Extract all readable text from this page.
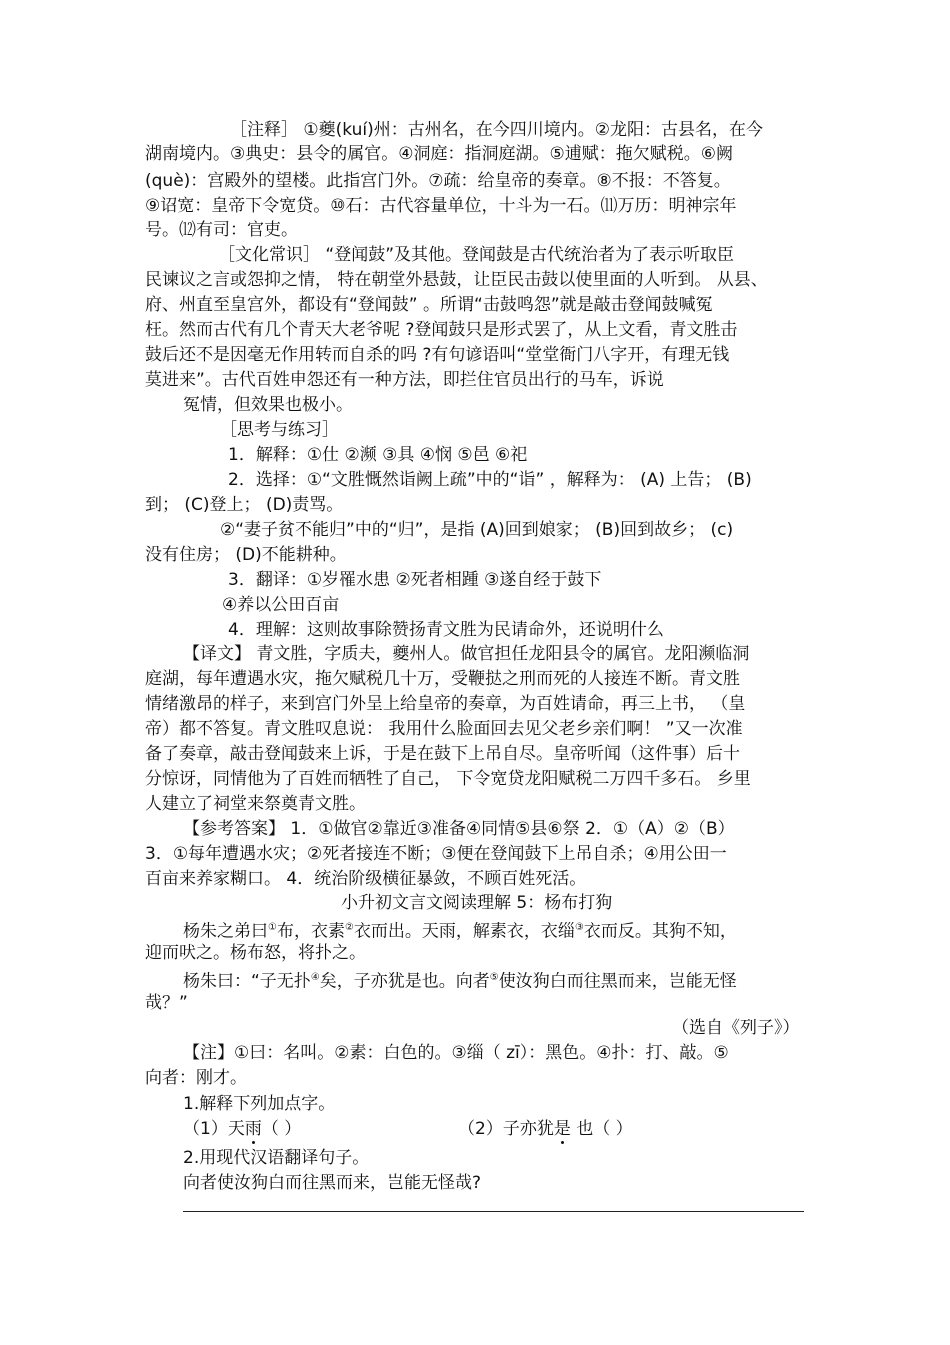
［注释］ ①夔(kuí)州：古州名，在今四川境内。②龙阳：古县名，在今

湖南境内。③典史：县令的属官。④洞庭：指洞庭湖。⑤逋赋：拖欠赋税。⑥阙

(què)：宫殿外的望楼。此指宫门外。⑦疏：给皇帝的奏章。⑧不报：不答复。

⑨诏宽：皇帝下令宽贷。⑩石：古代容量单位，十斗为一石。⑾万历：明神宗年

号。⑿有司：官吏。

［文化常识］ “登闻鼓”及其他。登闻鼓是古代统治者为了表示听取臣

民谏议之言或怨抑之情， 特在朝堂外悬鼓，让臣民击鼓以使里面的人听到。 从县、

府、州直至皇宫外，都设有“登闻鼓” 。所谓“击鼓鸣怨”就是敲击登闻鼓喊冤

枉。然而古代有几个青天大老爷呢 ?登闻鼓只是形式罢了，从上文看，青文胜击

鼓后还不是因毫无作用转而自杀的吗 ?有句谚语叫“堂堂衙门八字开，有理无钱

莫进来”。古代百姓申怨还有一种方法，即拦住官员出行的马车，诉说

冤情，但效果也极小。

［思考与练习］

1．解释：①仕 ②濒 ③具 ④悯 ⑤邑 ⑥祀

2．选择：①“文胜慨然诣阙上疏”中的“诣” ，解释为： (A) 上告； (B)

到； (C)登上； (D)责骂。

②“妻子贫不能归”中的“归”，是指 (A)回到娘家； (B)回到故乡； (c)

没有住房； (D)不能耕种。

3．翻译：①岁罹水患 ②死者相踵 ③遂自经于鼓下

④养以公田百亩

4．理解：这则故事除赞扬青文胜为民请命外，还说明什么

【译文】 青文胜，字质夫，夔州人。做官担任龙阳县令的属官。龙阳濒临洞

庭湖，每年遭遇水灾，拖欠赋税几十万，受鞭挞之刑而死的人接连不断。青文胜

情绪激昂的样子，来到宫门外呈上给皇帝的奏章，为百姓请命，再三上书， （皇

帝）都不答复。青文胜叹息说： 我用什么脸面回去见父老乡亲们啊！ ”又一次准

备了奏章，敲击登闻鼓来上诉，于是在鼓下上吊自尽。皇帝听闻（这件事）后十

分惊讶，同情他为了百姓而牺牲了自己， 下令宽贷龙阳赋税二万四千多石。 乡里

人建立了祠堂来祭奠青文胜。

【参考答案】 1．①做官②靠近③准备④同情⑤县⑥祭 2．①（A）②（B）

3．①每年遭遇水灾；②死者接连不断；③便在登闻鼓下上吊自杀；④用公田一

百亩来养家糊口。 4．统治阶级横征暴敛，不顾百姓死活。

小升初文言文阅读理解 5：杨布打狗

杨朱之弟曰①布，衣素②衣而出。天雨，解素衣，衣缁③衣而反。其狗不知，

迎而吠之。杨布怒，将扑之。

杨朱曰：“子无扑④矣，子亦犹是也。向者⑤使汝狗白而往黑而来，岂能无怪

哉？”

（选自《列子》）

【注】①曰：名叫。②素：白色的。③缁（ zī）：黑色。④扑：打、敲。⑤

向者：刚才。

1.解释下列加点字。

（1）天雨（ ）	（2）子亦犹是 也（ ）

2.用现代汉语翻译句子。

向者使汝狗白而往黑而来，岂能无怪哉?
